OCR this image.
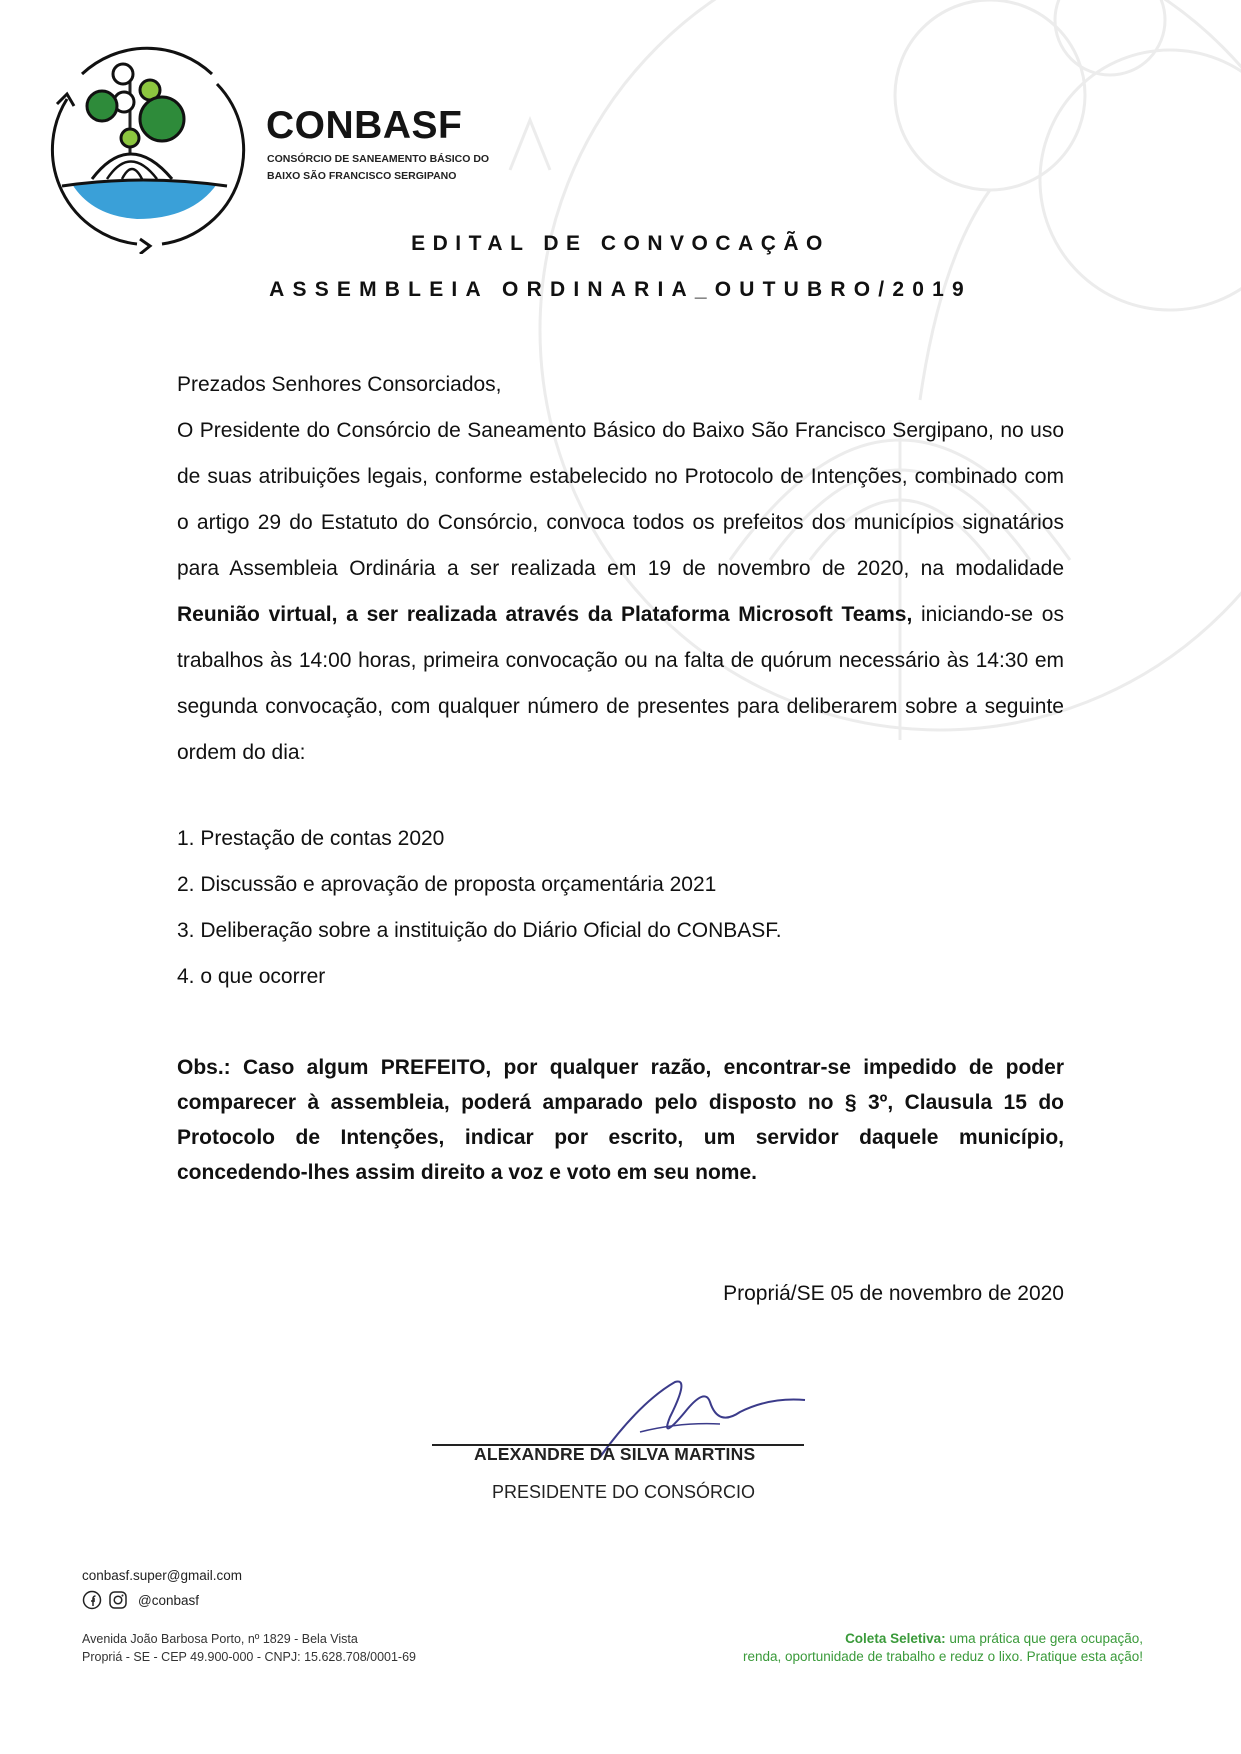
CONBASF
CONSÓRCIO DE SANEAMENTO BÁSICO DO
BAIXO SÃO FRANCISCO SERGIPANO
EDITAL DE CONVOCAÇÃO
ASSEMBLEIA ORDINARIA_OUTUBRO/2019

Prezados Senhores Consorciados,

O Presidente do Consórcio de Saneamento Básico do Baixo São Francisco Sergipano, no uso de suas atribuições legais, conforme estabelecido no Protocolo de Intenções, combinado com o artigo 29 do Estatuto do Consórcio, convoca todos os prefeitos dos municípios signatários para Assembleia Ordinária a ser realizada em 19 de novembro de 2020, na modalidade Reunião virtual, a ser realizada através da Plataforma Microsoft Teams, iniciando-se os trabalhos às 14:00 horas, primeira convocação ou na falta de quórum necessário às 14:30 em segunda convocação, com qualquer número de presentes para deliberarem sobre a seguinte ordem do dia:

1. Prestação de contas 2020
2. Discussão e aprovação de proposta orçamentária 2021
3. Deliberação sobre a instituição do Diário Oficial do CONBASF.
4. o que ocorrer
Obs.: Caso algum PREFEITO, por qualquer razão, encontrar-se impedido de poder comparecer à assembleia, poderá amparado pelo disposto no § 3º, Clausula 15 do Protocolo de Intenções, indicar por escrito, um servidor daquele município, concedendo-lhes assim direito a voz e voto em seu nome.
Propriá/SE 05 de novembro de 2020
ALEXANDRE DA SILVA MARTINS
PRESIDENTE DO CONSÓRCIO
conbasf.super@gmail.com
@conbasf
Avenida João Barbosa Porto, nº 1829 - Bela Vista
Propriá - SE - CEP 49.900-000 - CNPJ: 15.628.708/0001-69
Coleta Seletiva: uma prática que gera ocupação,
renda, oportunidade de trabalho e reduz o lixo. Pratique esta ação!
